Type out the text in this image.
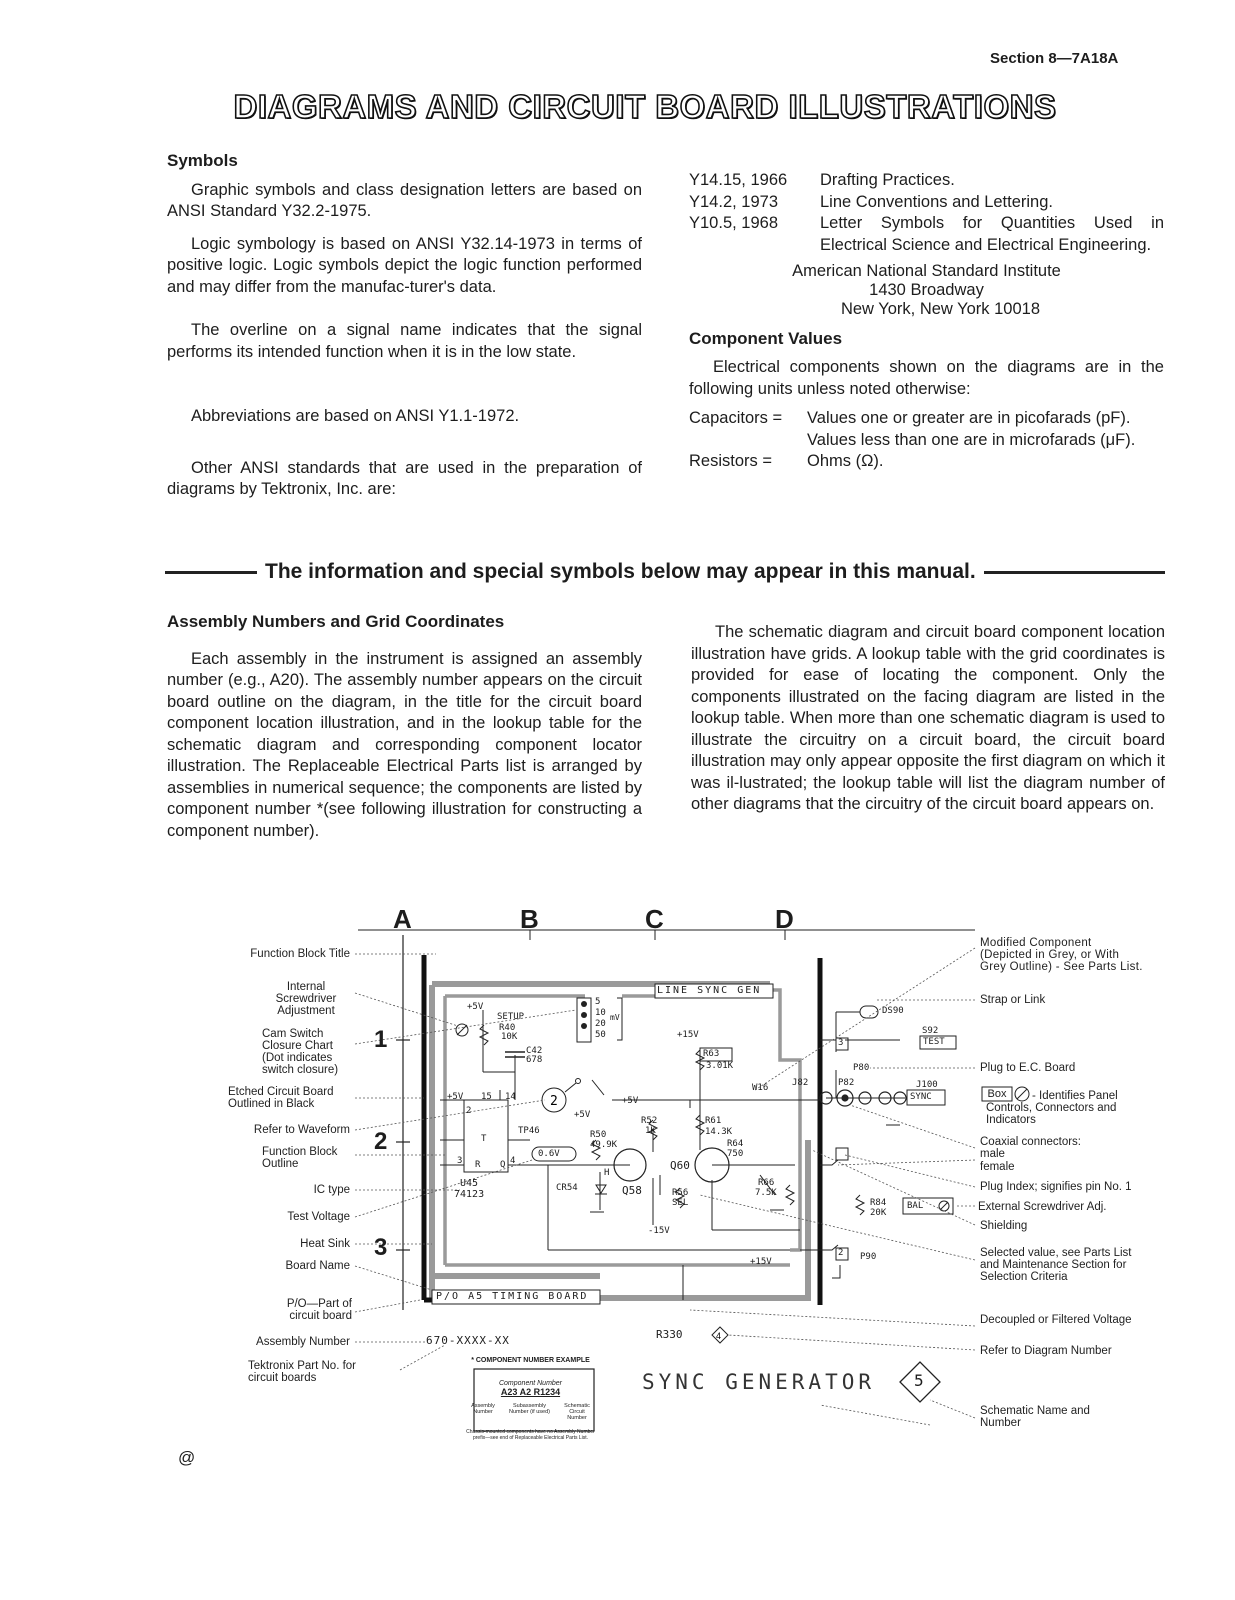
Section 8—7A18A
DIAGRAMS AND CIRCUIT BOARD ILLUSTRATIONS
Symbols

Graphic symbols and class designation letters are based on ANSI Standard Y32.2-1975.

Logic symbology is based on ANSI Y32.14-1973 in terms of positive logic. Logic symbols depict the logic function performed and may differ from the manufac-turer's data.

The overline on a signal name indicates that the signal performs its intended function when it is in the low state.

Abbreviations are based on ANSI Y1.1-1972.

Other ANSI standards that are used in the preparation of diagrams by Tektronix, Inc. are:

Y14.15, 1966	Drafting Practices.
Y14.2, 1973	Line Conventions and Lettering.
Y10.5, 1968	Letter Symbols for Quantities Used in Electrical Science and Electrical Engineering.
American National Standard Institute
1430 Broadway
New York, New York 10018
Component Values

Electrical components shown on the diagrams are in the following units unless noted otherwise:

Capacitors =	Values one or greater are in picofarads (pF). Values less than one are in microfarads (μF).
Resistors =	Ohms (Ω).
The information and special symbols below may appear in this manual.
Assembly Numbers and Grid Coordinates

Each assembly in the instrument is assigned an assembly number (e.g., A20). The assembly number appears on the circuit board outline on the diagram, in the title for the circuit board component location illustration, and in the lookup table for the schematic diagram and corresponding component locator illustration. The Replaceable Electrical Parts list is arranged by assemblies in numerical sequence; the components are listed by component number *(see following illustration for constructing a component number).

The schematic diagram and circuit board component location illustration have grids. A lookup table with the grid coordinates is provided for ease of locating the component. Only the components illustrated on the facing diagram are listed in the lookup table. When more than one schematic diagram is used to illustrate the circuitry on a circuit board, the circuit board illustration may only appear opposite the first diagram on which it was il-lustrated; the lookup table will list the diagram number of other diagrams that the circuitry of the circuit board appears on.

2
4
A	B	C	D
1
2
3
Function Block Title
Internal Screwdriver Adjustment
Cam Switch Closure Chart (Dot indicates switch closure)
Etched Circuit Board Outlined in Black
Refer to Waveform
Function Block Outline
IC type
Test Voltage
Heat Sink
Board Name
P/O—Part of circuit board
Assembly Number
Tektronix Part No. for circuit boards
Modified Component (Depicted in Grey, or With Grey Outline) - See Parts List.
Strap or Link
Plug to E.C. Board
Box	- Identifies Panel Controls, Connectors and Indicators
Coaxial connectors:
male
female
Plug Index; signifies pin No. 1
External Screwdriver Adj.
Shielding
Selected value, see Parts List and Maintenance Section for Selection Criteria
Decoupled or Filtered Voltage
Refer to Diagram Number
Schematic Name and Number
LINE SYNC GEN
P/O A5 TIMING BOARD
670-XXXX-XX	R330
SYNC GENERATOR 5
+5V
SETUP
R40
10K
C42
678
5
10
20
50
mV
+15V
R63
3.01K
W16	J82	P82	J100
SYNC
DS90
S92
TEST
P80
3
2
+5V 15 14
2
3	4
T
R Q
U45
74123
TP46
+5V
+5V
R50
49.9K
R52
1K
R61
14.3K
R64
750
Q60
Q58
H
CR54	R56
SEL
R66
7.5K
R84
20K
BAL
P90
-15V
+15V
0.6V
* COMPONENT NUMBER EXAMPLE
Component Number
A23 A2 R1234
Assembly Number
Subassembly Number (if used)
Schematic Circuit Number
Chassis-mounted components have no Assembly Number prefix—see end of Replaceable Electrical Parts List.
@
